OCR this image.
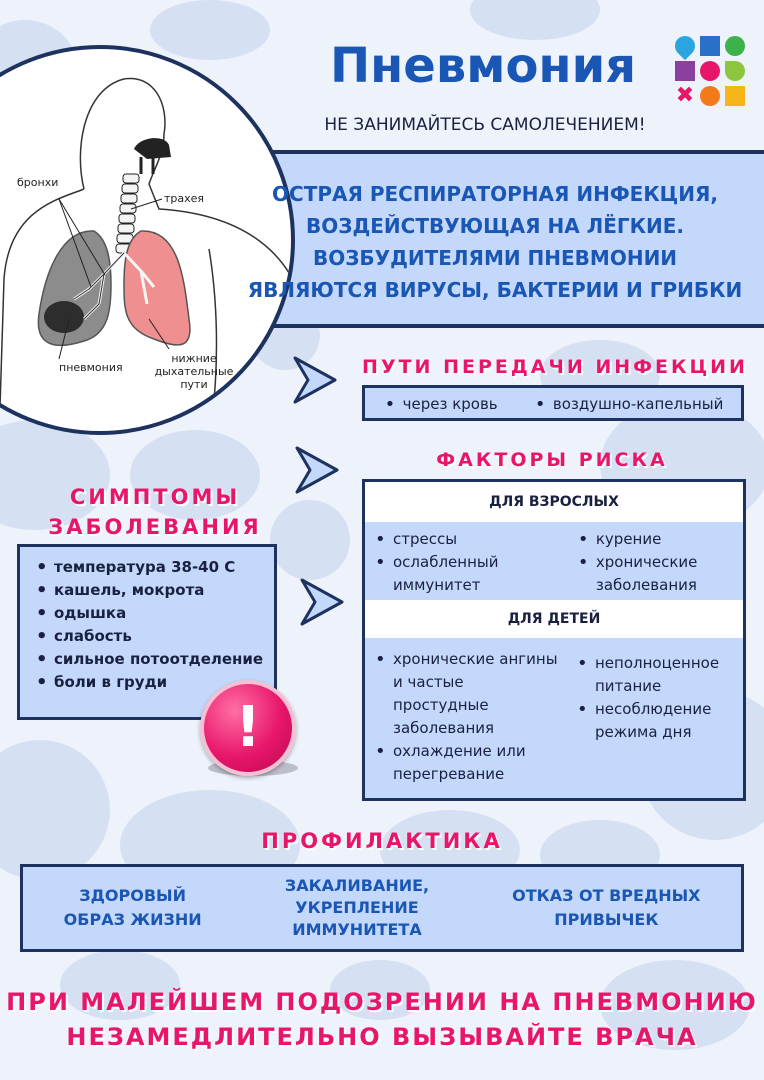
бронхи
трахея
пневмония
нижние дыхательные пути
Пневмония
НЕ ЗАНИМАЙТЕСЬ САМОЛЕЧЕНИЕМ!
✖
ОСТРАЯ РЕСПИРАТОРНАЯ ИНФЕКЦИЯ, ВОЗДЕЙСТВУЮЩАЯ НА ЛЁГКИЕ. ВОЗБУДИТЕЛЯМИ ПНЕВМОНИИ ЯВЛЯЮТСЯ ВИРУСЫ, БАКТЕРИИ И ГРИБКИ
ПУТИ ПЕРЕДАЧИ ИНФЕКЦИИ
• через кровь
•	воздушно-капельный
ФАКТОРЫ РИСКА
ДЛЯ ВЗРОСЛЫХ
• стрессы
• ослабленный иммунитет
• курение
• хронические заболевания
ДЛЯ ДЕТЕЙ
• хронические ангины и частые простудные заболевания
• охлаждение или перегревание
• неполноценное питание
• несоблюдение режима дня
СИМПТОМЫ ЗАБОЛЕВАНИЯ
• температура 38-40 С
• кашель, мокрота
• одышка
• слабость
• сильное потоотделение
• боли в груди
!
ПРОФИЛАКТИКА
ЗДОРОВЫЙ ОБРАЗ ЖИЗНИ
ЗАКАЛИВАНИЕ, УКРЕПЛЕНИЕ ИММУНИТЕТА
ОТКАЗ ОТ ВРЕДНЫХ ПРИВЫЧЕК
ПРИ МАЛЕЙШЕМ ПОДОЗРЕНИИ НА ПНЕВМОНИЮ
НЕЗАМЕДЛИТЕЛЬНО ВЫЗЫВАЙТЕ ВРАЧА
